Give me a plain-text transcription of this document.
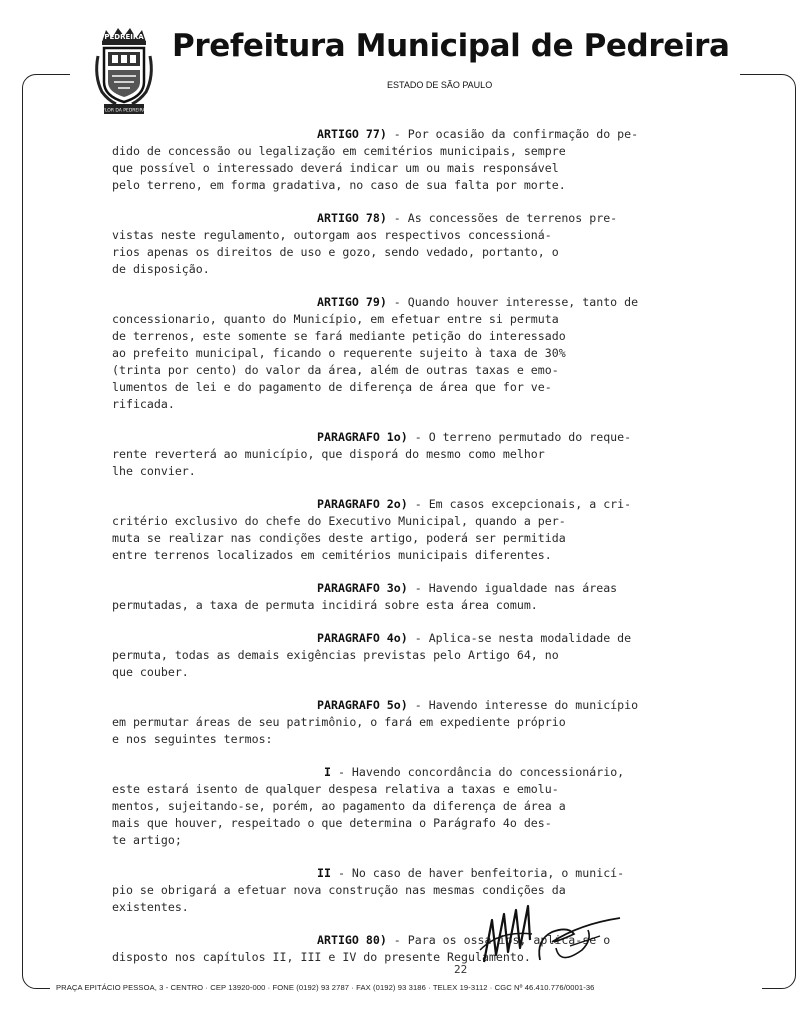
PEDREIRA
FLOR DA PEDREIRA
Prefeitura Municipal de Pedreira
ESTADO DE SÃO PAULO
ARTIGO 77) - Por ocasião da confirmação do pe-
dido de concessão ou legalização em cemitérios municipais, sempre
que possível o interessado deverá indicar um ou mais responsável
pelo terreno, em forma gradativa, no caso de sua falta por morte.
ARTIGO 78) - As concessões de terrenos pre-
vistas neste regulamento, outorgam aos respectivos concessioná-
rios apenas os direitos de uso e gozo, sendo vedado, portanto, o
de disposição.
ARTIGO 79) - Quando houver interesse, tanto de
concessionario, quanto do Município, em efetuar entre si permuta
de terrenos, este somente se fará mediante petição do interessado
ao prefeito municipal, ficando o requerente sujeito à taxa de 30%
(trinta por cento) do valor da área, além de outras taxas e emo-
lumentos de lei e do pagamento de diferença de área que for ve-
rificada.
PARAGRAFO 1o) - O terreno permutado do reque-
rente reverterá ao município, que disporá do mesmo como melhor
lhe convier.
PARAGRAFO 2o) - Em casos excepcionais, a cri-
critério exclusivo do chefe do Executivo Municipal, quando a per-
muta se realizar nas condições deste artigo, poderá ser permitida
entre terrenos localizados em cemitérios municipais diferentes.
PARAGRAFO 3o) - Havendo igualdade nas áreas
permutadas, a taxa de permuta incidirá sobre esta área comum.
PARAGRAFO 4o) - Aplica-se nesta modalidade de
permuta, todas as demais exigências previstas pelo Artigo 64, no
que couber.
PARAGRAFO 5o) - Havendo interesse do município
em permutar áreas de seu patrimônio, o fará em expediente próprio
e nos seguintes termos:
I - Havendo concordância do concessionário,
este estará isento de qualquer despesa relativa a taxas e emolu-
mentos, sujeitando-se, porém, ao pagamento da diferença de área a
mais que houver, respeitado o que determina o Parágrafo 4o des-
te artigo;
II - No caso de haver benfeitoria, o municí-
pio se obrigará a efetuar nova construção nas mesmas condições da
existentes.
ARTIGO 80) - Para os ossarios, aplica-se o
disposto nos capítulos II, III e IV do presente Regulamento.
22
PRAÇA EPITÁCIO PESSOA, 3 - CENTRO · CEP 13920-000 · FONE (0192) 93 2787 · FAX (0192) 93 3186 · TELEX 19-3112 · CGC Nº 46.410.776/0001-36
